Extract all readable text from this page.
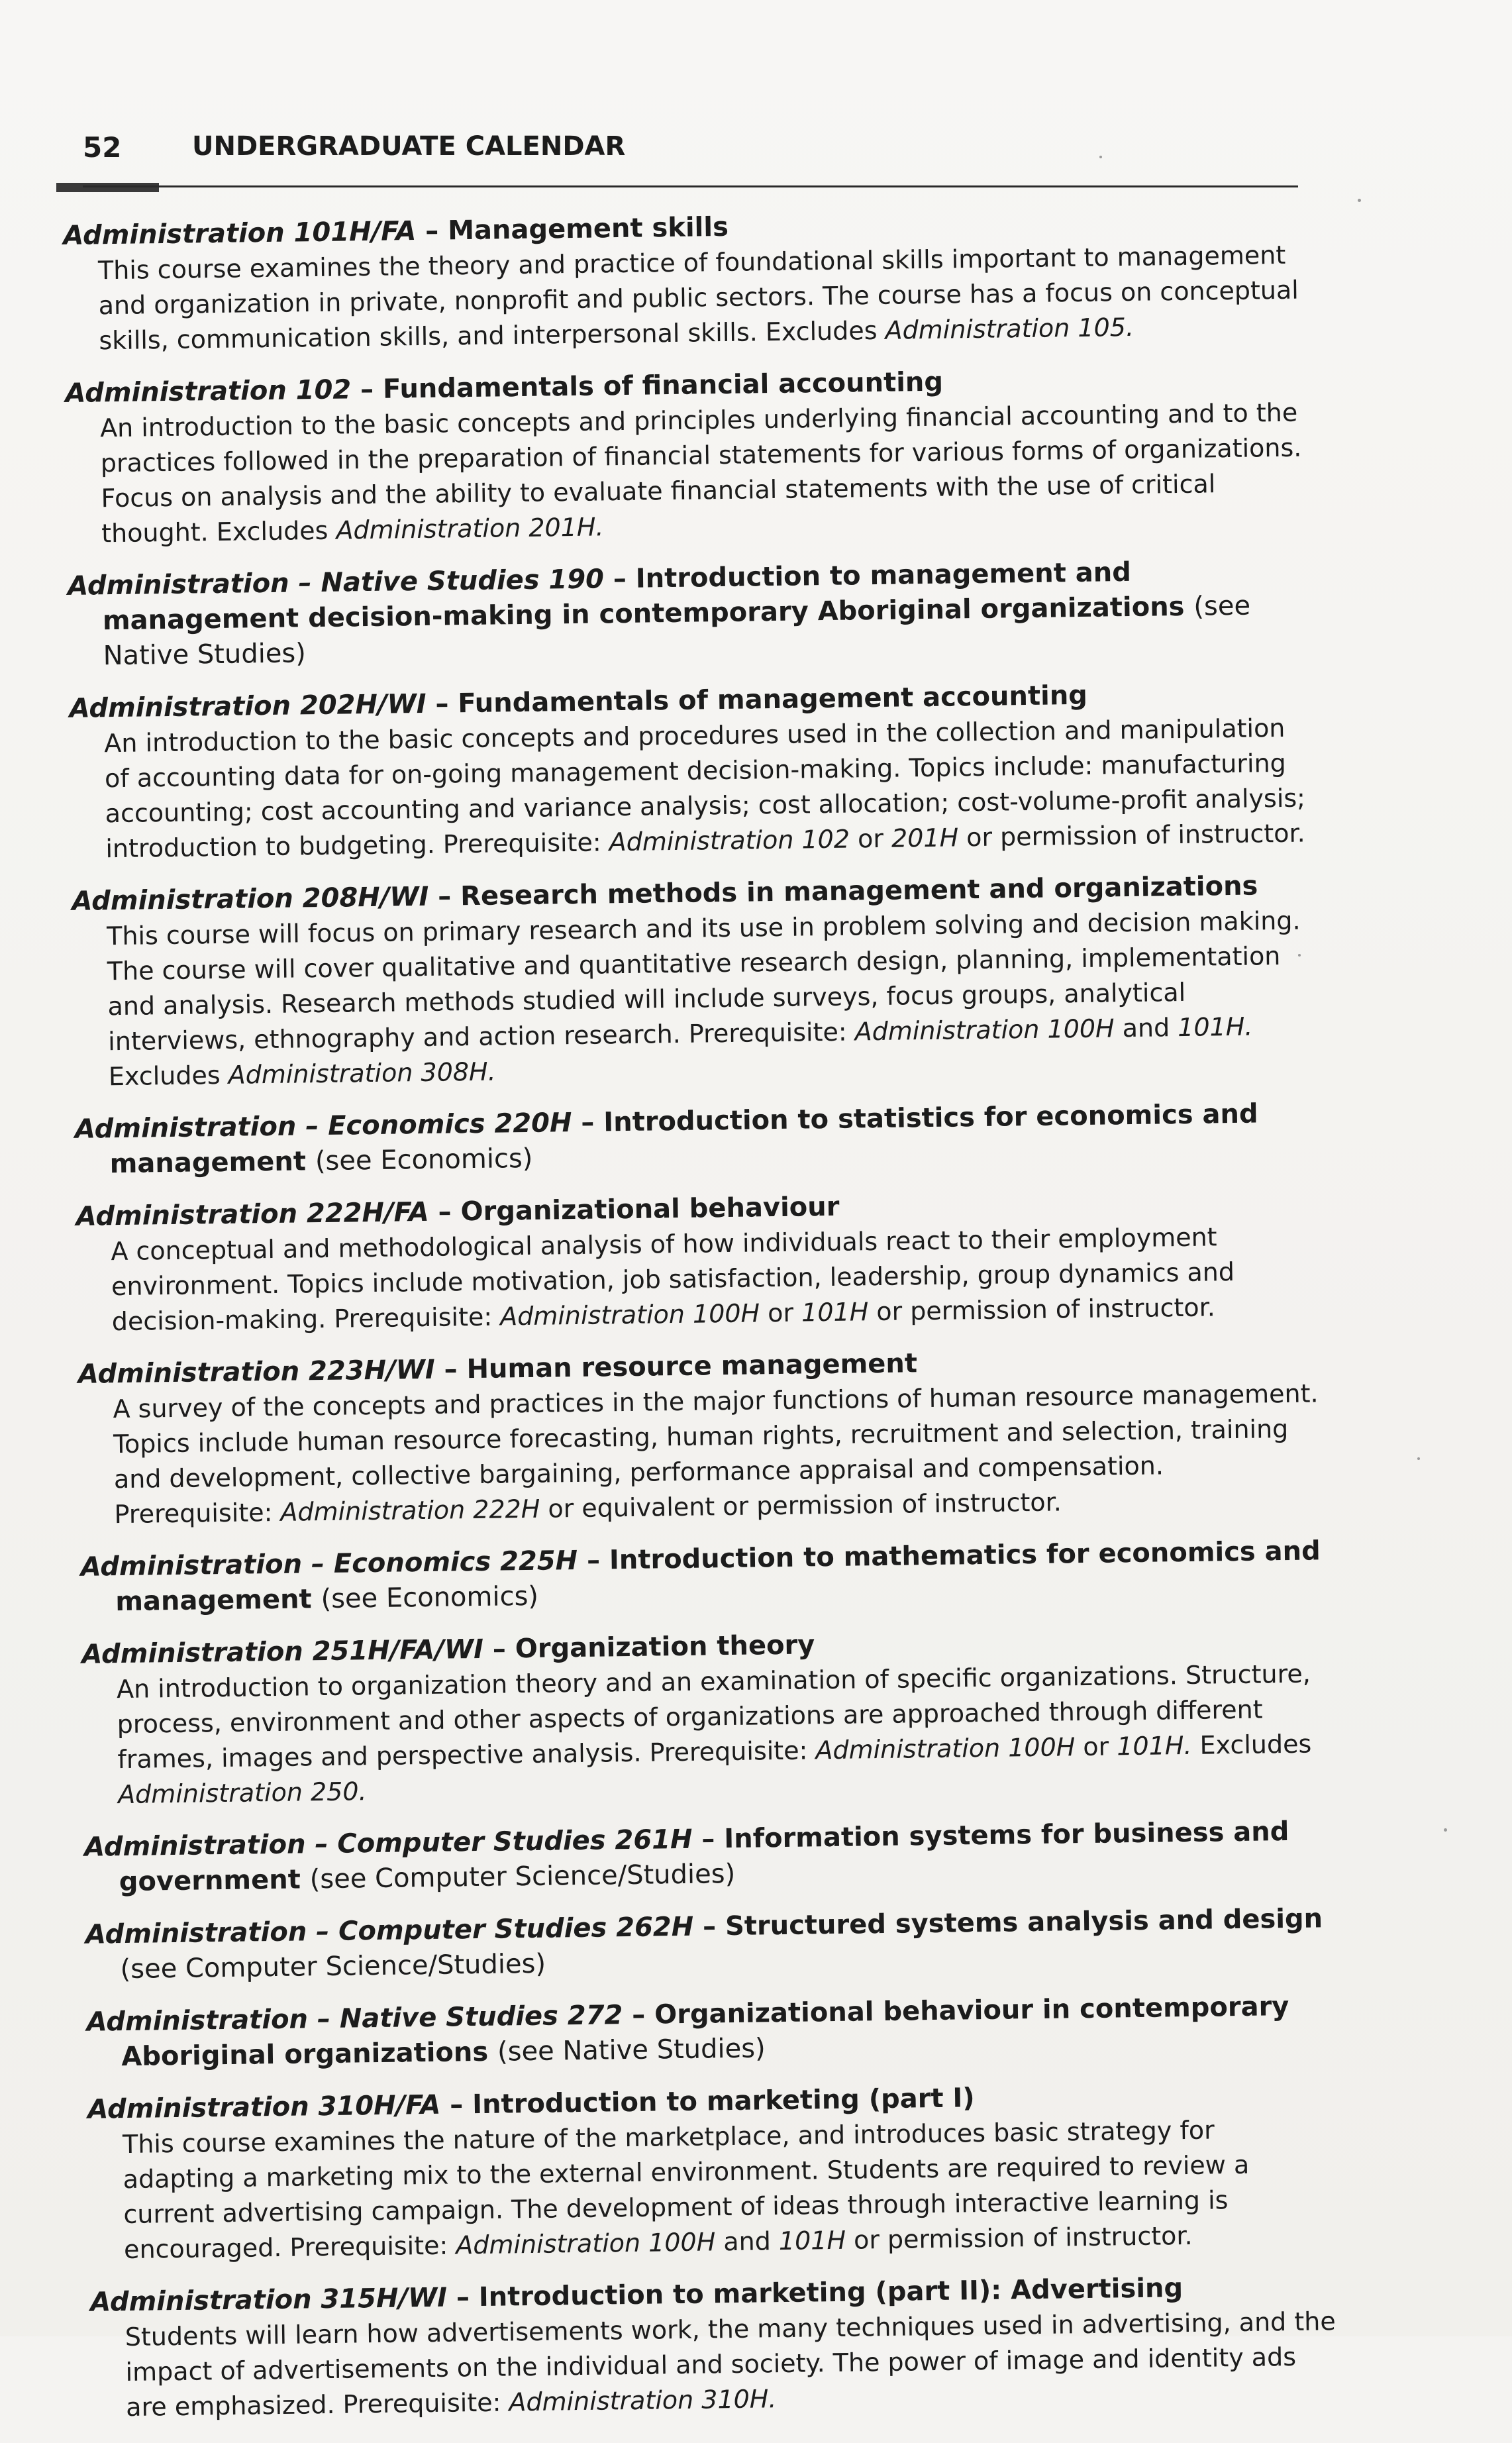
52	UNDERGRADUATE CALENDAR

Administration 101H/FA – Management skills

This course examines the theory and practice of foundational skills important to management and organization in private, nonprofit and public sectors. The course has a focus on conceptual skills, communication skills, and interpersonal skills. Excludes Administration 105.

Administration 102 – Fundamentals of financial accounting

An introduction to the basic concepts and principles underlying financial accounting and to the practices followed in the preparation of financial statements for various forms of organizations. Focus on analysis and the ability to evaluate financial statements with the use of critical thought. Excludes Administration 201H.

Administration – Native Studies 190 – Introduction to management and management decision-making in contemporary Aboriginal organizations (see Native Studies)

Administration 202H/WI – Fundamentals of management accounting

An introduction to the basic concepts and procedures used in the collection and manipulation of accounting data for on-going management decision-making. Topics include: manufacturing accounting; cost accounting and variance analysis; cost allocation; cost-volume-profit analysis; introduction to budgeting. Prerequisite: Administration 102 or 201H or permission of instructor.

Administration 208H/WI – Research methods in management and organizations

This course will focus on primary research and its use in problem solving and decision making. The course will cover qualitative and quantitative research design, planning, implementation and analysis. Research methods studied will include surveys, focus groups, analytical interviews, ethnography and action research. Prerequisite: Administration 100H and 101H. Excludes Administration 308H.

Administration – Economics 220H – Introduction to statistics for economics and management (see Economics)

Administration 222H/FA – Organizational behaviour

A conceptual and methodological analysis of how individuals react to their employment environment. Topics include motivation, job satisfaction, leadership, group dynamics and decision-making. Prerequisite: Administration 100H or 101H or permission of instructor.

Administration 223H/WI – Human resource management

A survey of the concepts and practices in the major functions of human resource management. Topics include human resource forecasting, human rights, recruitment and selection, training and development, collective bargaining, performance appraisal and compensation. Prerequisite: Administration 222H or equivalent or permission of instructor.

Administration – Economics 225H – Introduction to mathematics for economics and management (see Economics)

Administration 251H/FA/WI – Organization theory

An introduction to organization theory and an examination of specific organizations. Structure, process, environment and other aspects of organizations are approached through different frames, images and perspective analysis. Prerequisite: Administration 100H or 101H. Excludes Administration 250.

Administration – Computer Studies 261H – Information systems for business and government (see Computer Science/Studies)

Administration – Computer Studies 262H – Structured systems analysis and design (see Computer Science/Studies)

Administration – Native Studies 272 – Organizational behaviour in contemporary Aboriginal organizations (see Native Studies)

Administration 310H/FA – Introduction to marketing (part I)

This course examines the nature of the marketplace, and introduces basic strategy for adapting a marketing mix to the external environment. Students are required to review a current advertising campaign. The development of ideas through interactive learning is encouraged. Prerequisite: Administration 100H and 101H or permission of instructor.

Administration 315H/WI – Introduction to marketing (part II): Advertising

Students will learn how advertisements work, the many techniques used in advertising, and the impact of advertisements on the individual and society. The power of image and identity ads are emphasized. Prerequisite: Administration 310H.
